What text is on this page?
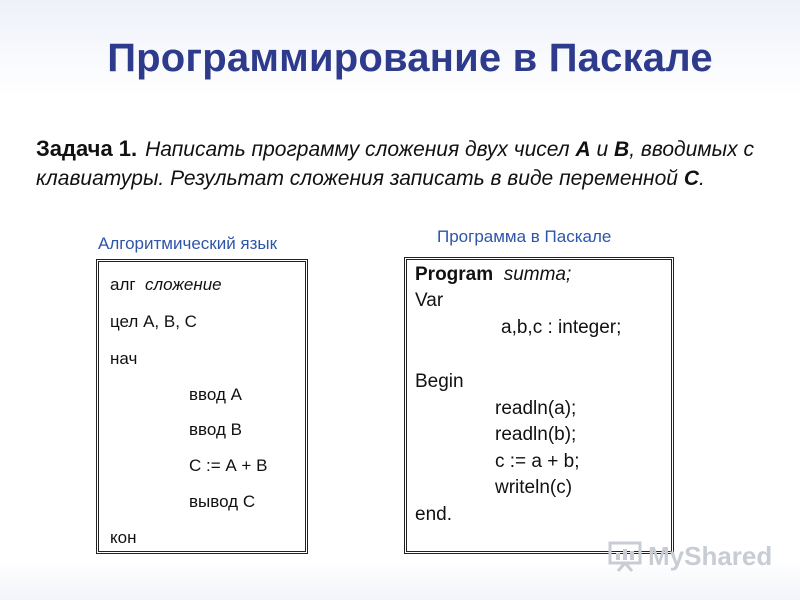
Программирование в Паскале
Задача 1. Написать программу сложения двух чисел A и B, вводимых с клавиатуры. Результат сложения записать в виде переменной C.
Алгоритмический язык	Программа в Паскале
алг сложение
цел А, В, С
нач
ввод А
ввод В
С := А + В
вывод С
кон
Program summa;
Var
a,b,c : integer;
Begin
readln(a);
readln(b);
c := a + b;
writeln(c)
end.
MyShared
